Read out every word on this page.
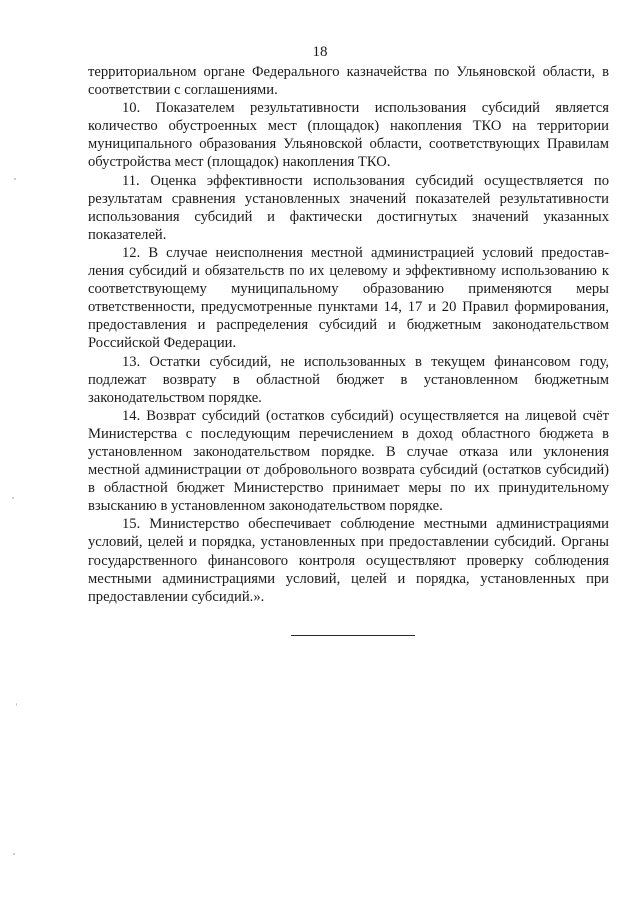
18

территориальном органе Федерального казначейства по Ульяновской области, в соответствии с соглашениями.

10. Показателем результативности использования субсидий является количество обустроенных мест (площадок) накопления ТКО на территории муниципального образования Ульяновской области, соответствующих Правилам обустройства мест (площадок) накопления ТКО.

11. Оценка эффективности использования субсидий осуществляется по результатам сравнения установленных значений показателей результативности использования субсидий и фактически достигнутых значений указанных показателей.

12. В случае неисполнения местной администрацией условий предоставления субсидий и обязательств по их целевому и эффективному использованию к соответствующему муниципальному образованию применяются меры ответственности, предусмотренные пунктами 14, 17 и 20 Правил формирования, предоставления и распределения субсидий и бюджетным законодательством Российской Федерации.

13. Остатки субсидий, не использованных в текущем финансовом году, подлежат возврату в областной бюджет в установленном бюджетным законодательством порядке.

14. Возврат субсидий (остатков субсидий) осуществляется на лицевой счёт Министерства с последующим перечислением в доход областного бюджета в установленном законодательством порядке. В случае отказа или уклонения местной администрации от добровольного возврата субсидий (остатков субсидий) в областной бюджет Министерство принимает меры по их принудительному взысканию в установленном законодательством порядке.

15. Министерство обеспечивает соблюдение местными администрациями условий, целей и порядка, установленных при предоставлении субсидий. Органы государственного финансового контроля осуществляют проверку соблюдения местными администрациями условий, целей и порядка, установленных при предоставлении субсидий.».
